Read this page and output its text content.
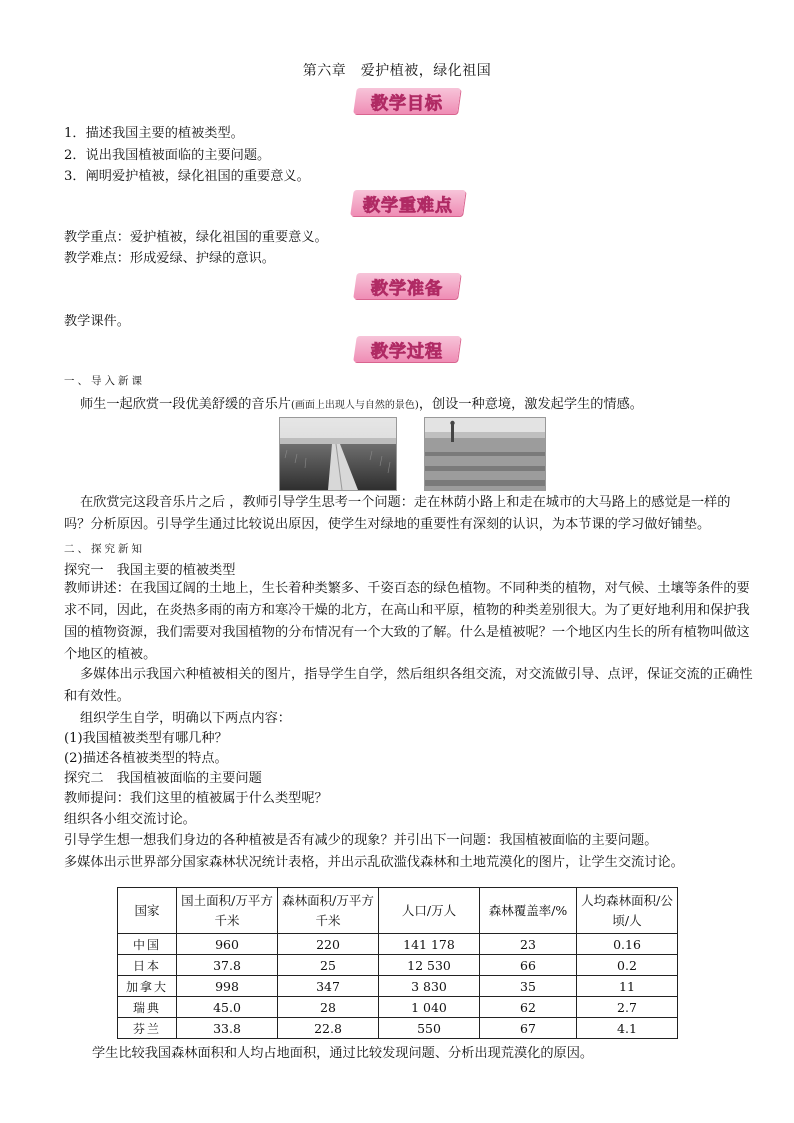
第六章　爱护植被，绿化祖国
教学目标
1．描述我国主要的植被类型。
2．说出我国植被面临的主要问题。
3．阐明爱护植被，绿化祖国的重要意义。
教学重难点
教学重点：爱护植被，绿化祖国的重要意义。
教学难点：形成爱绿、护绿的意识。
教学准备
教学课件。
教学过程
一、导入新课
师生一起欣赏一段优美舒缓的音乐片(画面上出现人与自然的景色)，创设一种意境，激发起学生的情感。
在欣赏完这段音乐片之后 ，教师引导学生思考一个问题：走在林荫小路上和走在城市的大马路上的感觉是一样的吗？分析原因。引导学生通过比较说出原因，使学生对绿地的重要性有深刻的认识，为本节课的学习做好铺垫。
二、探究新知
探究一　我国主要的植被类型
教师讲述：在我国辽阔的土地上，生长着种类繁多、千姿百态的绿色植物。不同种类的植物，对气候、土壤等条件的要求不同，因此，在炎热多雨的南方和寒冷干燥的北方，在高山和平原，植物的种类差别很大。为了更好地利用和保护我国的植物资源，我们需要对我国植物的分布情况有一个大致的了解。什么是植被呢？一个地区内生长的所有植物叫做这个地区的植被。
多媒体出示我国六种植被相关的图片，指导学生自学，然后组织各组交流，对交流做引导、点评，保证交流的正确性和有效性。
组织学生自学，明确以下两点内容：
(1)我国植被类型有哪几种？
(2)描述各植被类型的特点。
探究二　我国植被面临的主要问题
教师提问：我们这里的植被属于什么类型呢？
组织各小组交流讨论。
引导学生想一想我们身边的各种植被是否有减少的现象？并引出下一问题：我国植被面临的主要问题。
多媒体出示世界部分国家森林状况统计表格，并出示乱砍滥伐森林和土地荒漠化的图片，让学生交流讨论。
国家	国土面积/万平方千米	森林面积/万平方千米	人口/万人	森林覆盖率/%	人均森林面积/公顷/人
中国	960	220	141 178	23	0.16
日本	37.8	25	12 530	66	0.2
加拿大	998	347	3 830	35	11
瑞典	45.0	28	1 040	62	2.7
芬兰	33.8	22.8	550	67	4.1
学生比较我国森林面积和人均占地面积，通过比较发现问题、分析出现荒漠化的原因。
